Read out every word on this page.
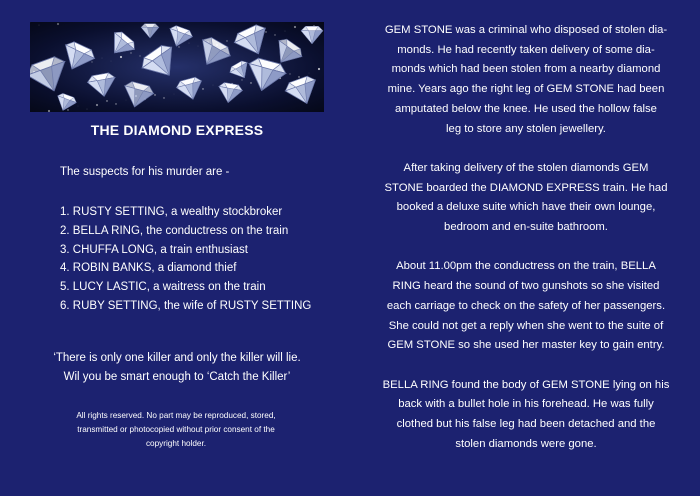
THE DIAMOND EXPRESS
The suspects for his murder are -
1. RUSTY SETTING, a wealthy stockbroker
2. BELLA RING, the conductress on the train
3. CHUFFA LONG, a train enthusiast
4. ROBIN BANKS, a diamond thief
5. LUCY LASTIC, a waitress on the train
6. RUBY SETTING, the wife of RUSTY SETTING
‘There is only one killer and only the killer will lie.
Wil you be smart enough to ‘Catch the Killer’
All rights reserved. No part may be reproduced, stored,
transmitted or photocopied without prior consent of the
copyright holder.

GEM STONE was a criminal who disposed of stolen dia-
monds. He had recently taken delivery of some dia-
monds which had been stolen from a nearby diamond
mine. Years ago the right leg of GEM STONE had been
amputated below the knee. He used the hollow false
leg to store any stolen jewellery.

After taking delivery of the stolen diamonds GEM
STONE boarded the DIAMOND EXPRESS train. He had
booked a deluxe suite which have their own lounge,
bedroom and en-suite bathroom.

About 11.00pm the conductress on the train, BELLA
RING heard the sound of two gunshots so she visited
each carriage to check on the safety of her passengers.
She could not get a reply when she went to the suite of
GEM STONE so she used her master key to gain entry.

BELLA RING found the body of GEM STONE lying on his
back with a bullet hole in his forehead. He was fully
clothed but his false leg had been detached and the
stolen diamonds were gone.
